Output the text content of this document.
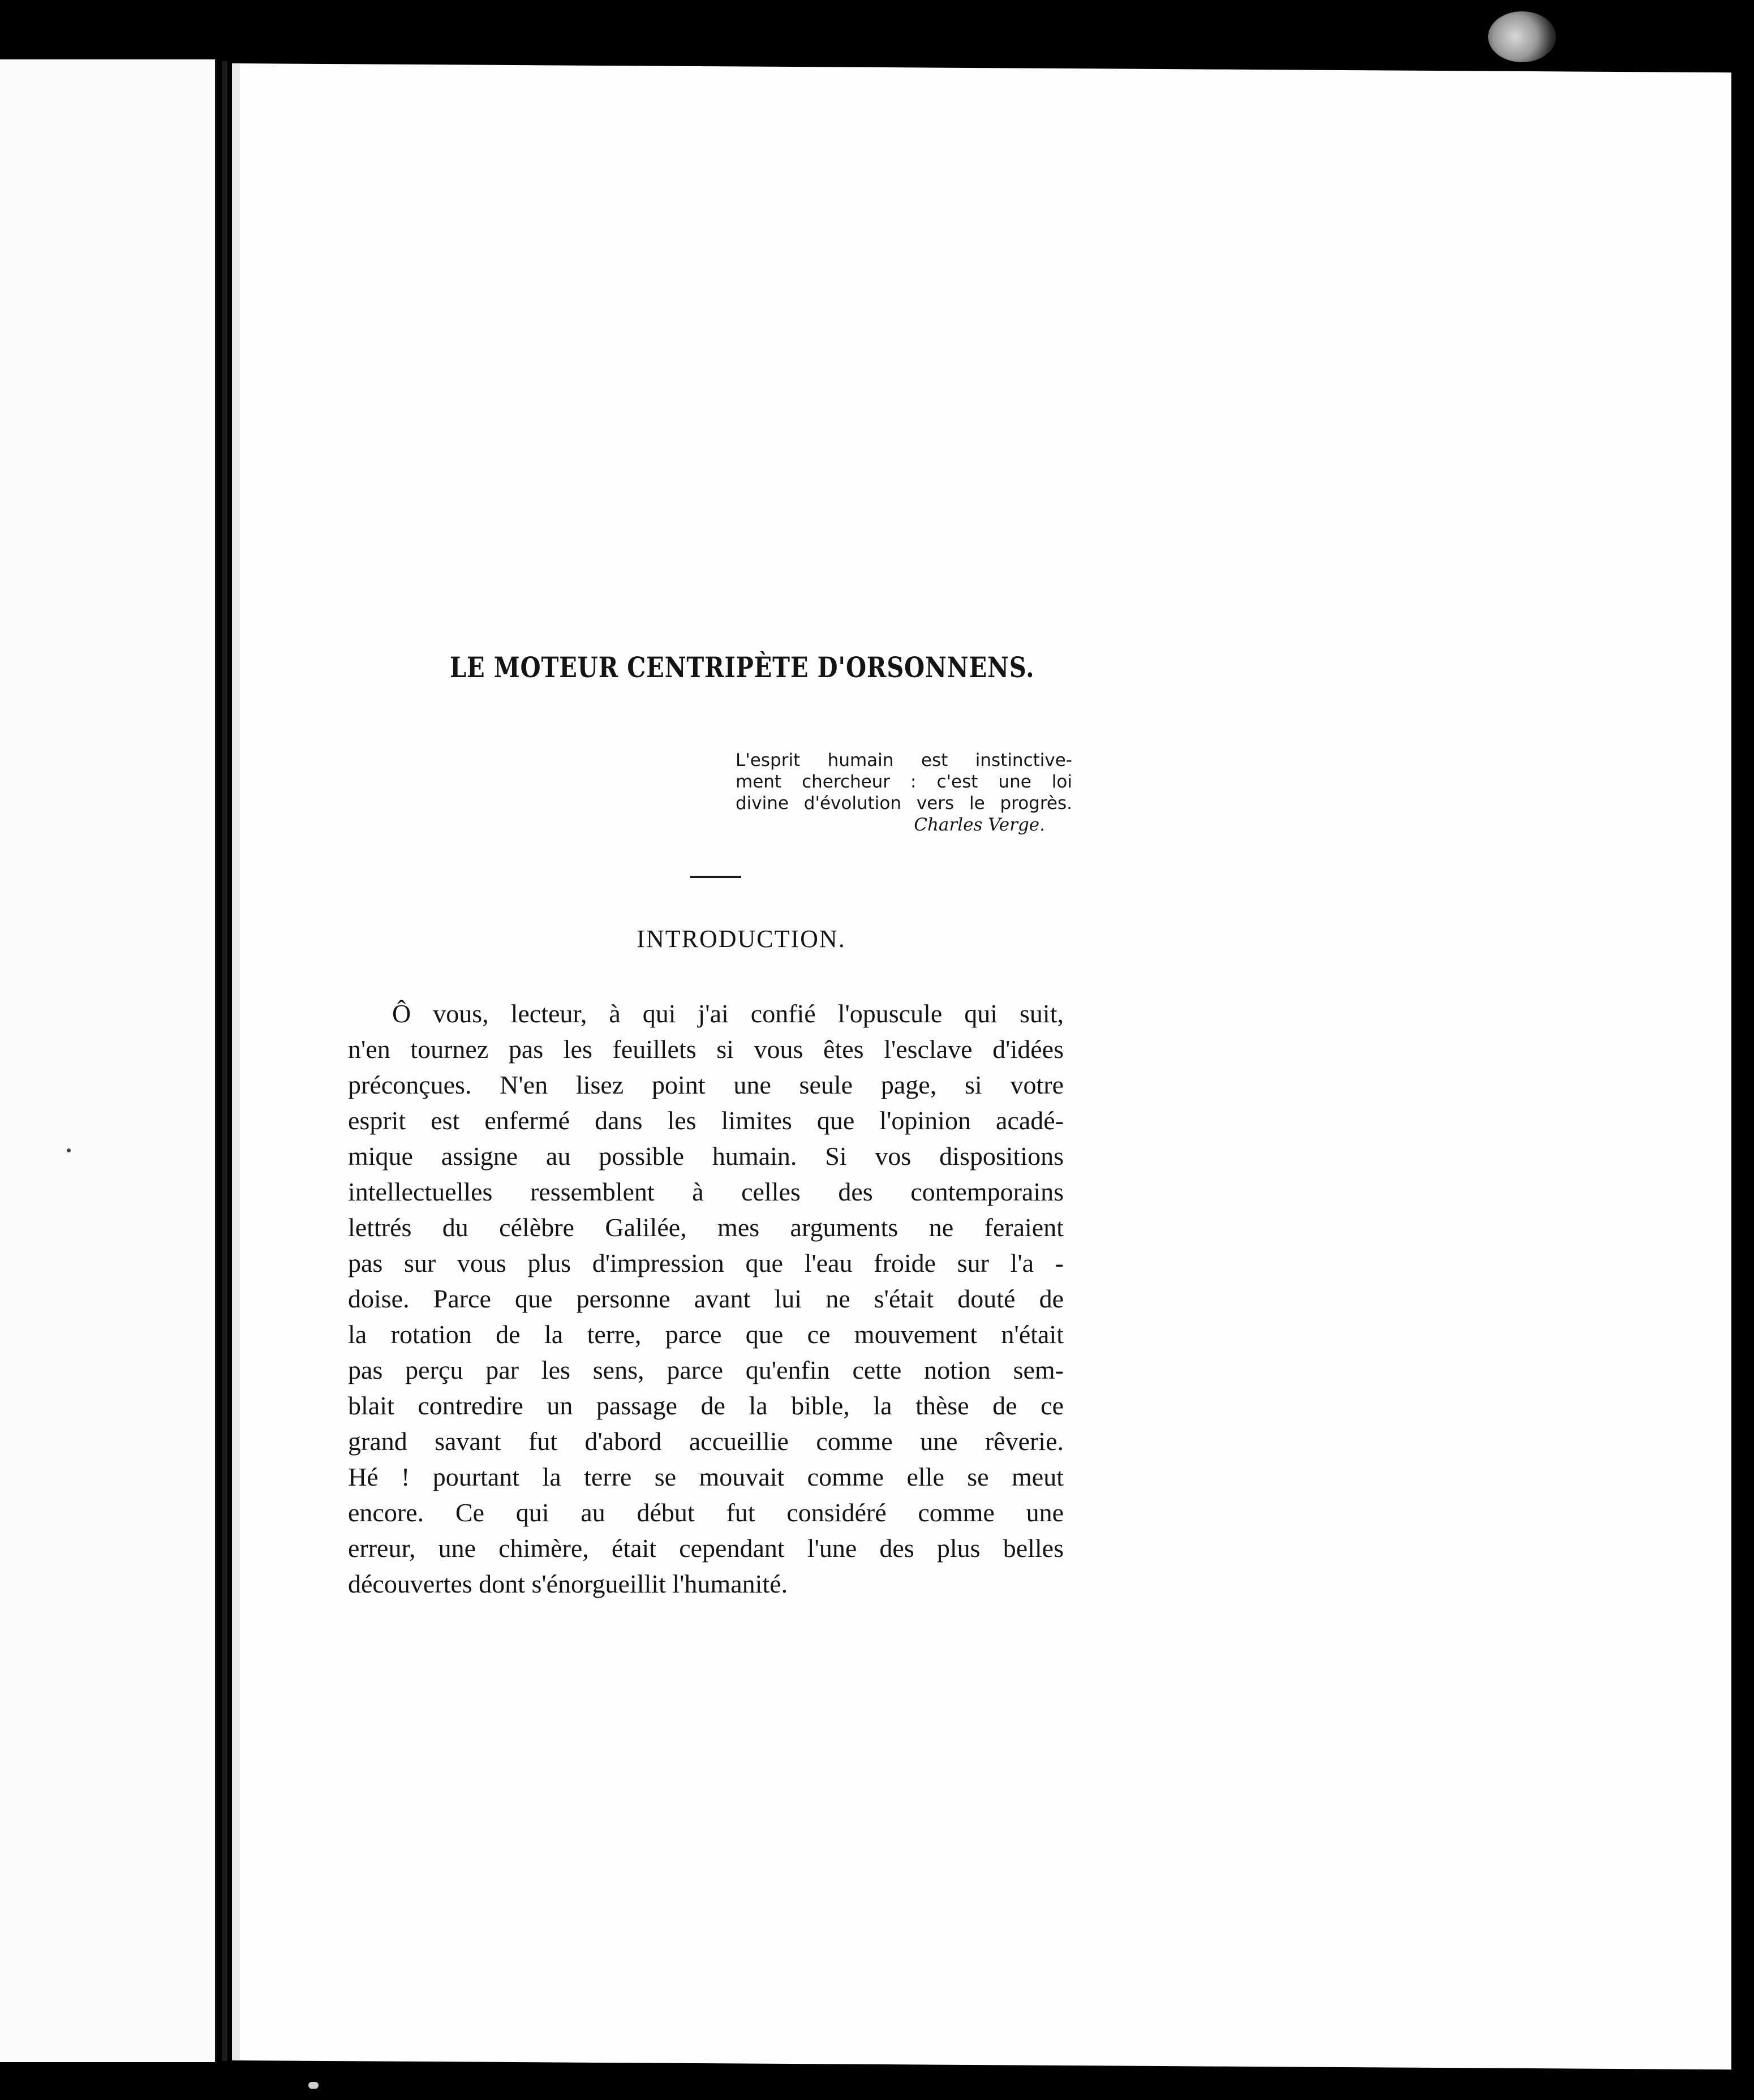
LE MOTEUR CENTRIPÈTE D'ORSONNENS.
L'esprit humain est instinctive-
ment chercheur : c'est une loi
divine d'évolution vers le progrès.
Charles Verge.
INTRODUCTION.
Ô vous, lecteur, à qui j'ai confié l'opuscule qui suit,
n'en tournez pas les feuillets si vous êtes l'esclave d'idées
préconçues. N'en lisez point une seule page, si votre
esprit est enfermé dans les limites que l'opinion acadé-
mique assigne au possible humain. Si vos dispositions
intellectuelles ressemblent à celles des contemporains
lettrés du célèbre Galilée, mes arguments ne feraient
pas sur vous plus d'impression que l'eau froide sur l'a -
doise. Parce que personne avant lui ne s'était douté de
la rotation de la terre, parce que ce mouvement n'était
pas perçu par les sens, parce qu'enfin cette notion sem-
blait contredire un passage de la bible, la thèse de ce
grand savant fut d'abord accueillie comme une rêverie.
Hé ! pourtant la terre se mouvait comme elle se meut
encore. Ce qui au début fut considéré comme une
erreur, une chimère, était cependant l'une des plus belles
découvertes dont s'énorgueillit l'humanité.
